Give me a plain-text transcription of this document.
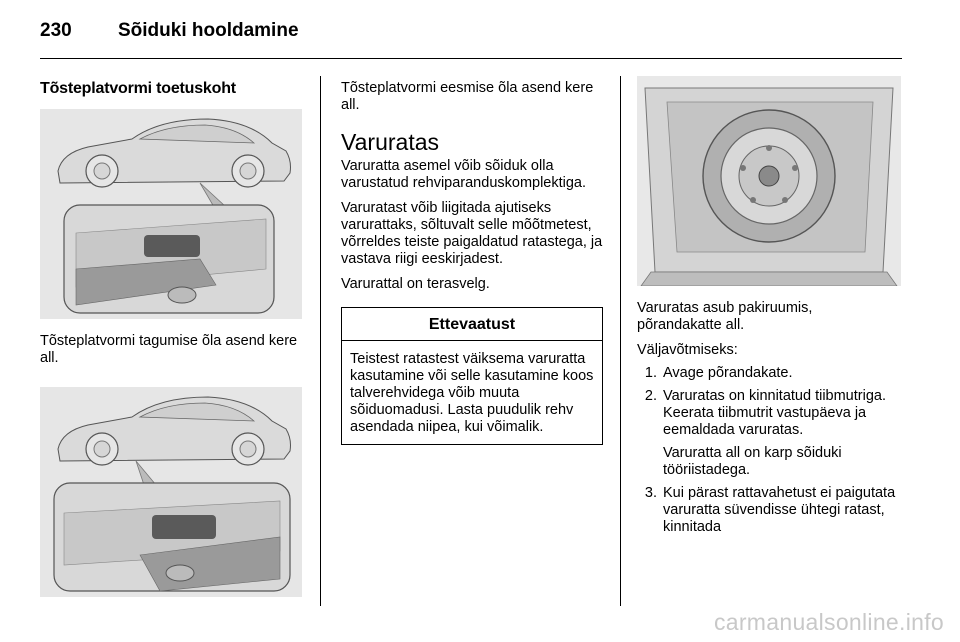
230	Sõiduki hooldamine
Tõsteplatvormi toetuskoht
Tõsteplatvormi tagumise õla asend kere all.
Tõsteplatvormi eesmise õla asend kere all.
Varuratas
Varuratta asemel võib sõiduk olla varustatud rehviparanduskomplektiga.
Varuratast võib liigitada ajutiseks varurattaks, sõltuvalt selle mõõtmetest, võrreldes teiste paigaldatud ratastega, ja vastava riigi eeskirjadest.
Varurattal on terasvelg.
Ettevaatust
Teistest ratastest väiksema varuratta kasutamine või selle kasutamine koos talverehvidega võib muuta sõiduomadusi. Lasta puudulik rehv asendada niipea, kui võimalik.
Varuratas asub pakiruumis, põrandakatte all.
Väljavõtmiseks:
1. Avage põrandakate.
2. Varuratas on kinnitatud tiibmutriga. Keerata tiibmutrit vastupäeva ja eemaldada varuratas.
Varuratta all on karp sõiduki tööriistadega.
3. Kui pärast rattavahetust ei paigutata varuratta süvendisse ühtegi ratast, kinnitada
carmanualsonline.info
